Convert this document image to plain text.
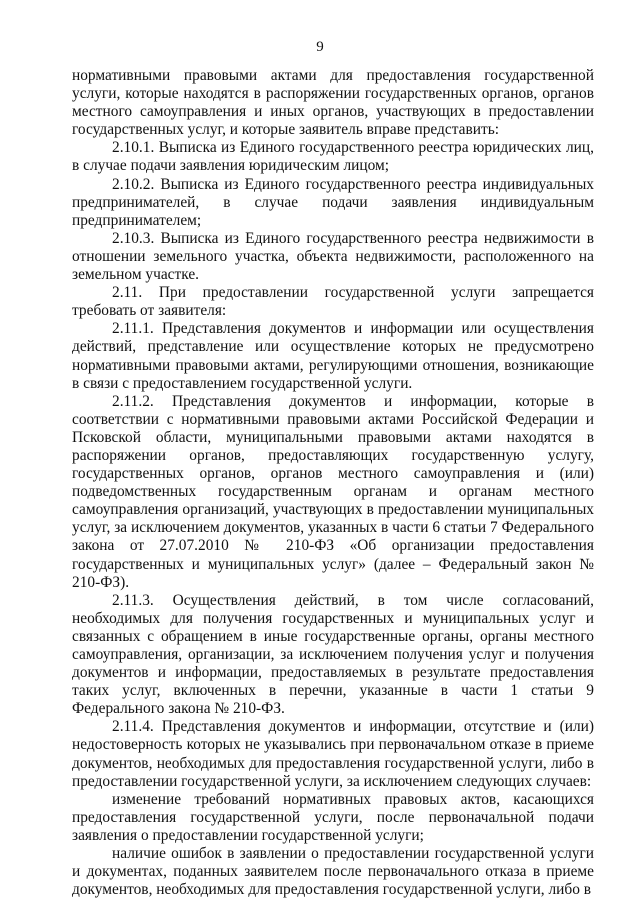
9

нормативными правовыми актами для предоставления государственной услуги, которые находятся в распоряжении государственных органов, органов местного самоуправления и иных органов, участвующих в предоставлении государственных услуг, и которые заявитель вправе представить:

2.10.1. Выписка из Единого государственного реестра юридических лиц, в случае подачи заявления юридическим лицом;

2.10.2. Выписка из Единого государственного реестра индивидуальных предпринимателей, в случае подачи заявления индивидуальным предпринимателем;

2.10.3. Выписка из Единого государственного реестра недвижимости в отношении земельного участка, объекта недвижимости, расположенного на земельном участке.

2.11. При предоставлении государственной услуги запрещается требовать от заявителя:

2.11.1. Представления документов и информации или осуществления действий, представление или осуществление которых не предусмотрено нормативными правовыми актами, регулирующими отношения, возникающие в связи с предоставлением государственной услуги.

2.11.2. Представления документов и информации, которые в соответствии с нормативными правовыми актами Российской Федерации и Псковской области, муниципальными правовыми актами находятся в распоряжении органов, предоставляющих государственную услугу, государственных органов, органов местного самоуправления и (или) подведомственных государственным органам и органам местного самоуправления организаций, участвующих в предоставлении муниципальных услуг, за исключением документов, указанных в части 6 статьи 7 Федерального закона от 27.07.2010 № 210-ФЗ «Об организации предоставления государственных и муниципальных услуг» (далее – Федеральный закон № 210-ФЗ).

2.11.3. Осуществления действий, в том числе согласований, необходимых для получения государственных и муниципальных услуг и связанных с обращением в иные государственные органы, органы местного самоуправления, организации, за исключением получения услуг и получения документов и информации, предоставляемых в результате предоставления таких услуг, включенных в перечни, указанные в части 1 статьи 9 Федерального закона № 210-ФЗ.

2.11.4. Представления документов и информации, отсутствие и (или) недостоверность которых не указывались при первоначальном отказе в приеме документов, необходимых для предоставления государственной услуги, либо в предоставлении государственной услуги, за исключением следующих случаев:

изменение требований нормативных правовых актов, касающихся предоставления государственной услуги, после первоначальной подачи заявления о предоставлении государственной услуги;

наличие ошибок в заявлении о предоставлении государственной услуги и документах, поданных заявителем после первоначального отказа в приеме документов, необходимых для предоставления государственной услуги, либо в
